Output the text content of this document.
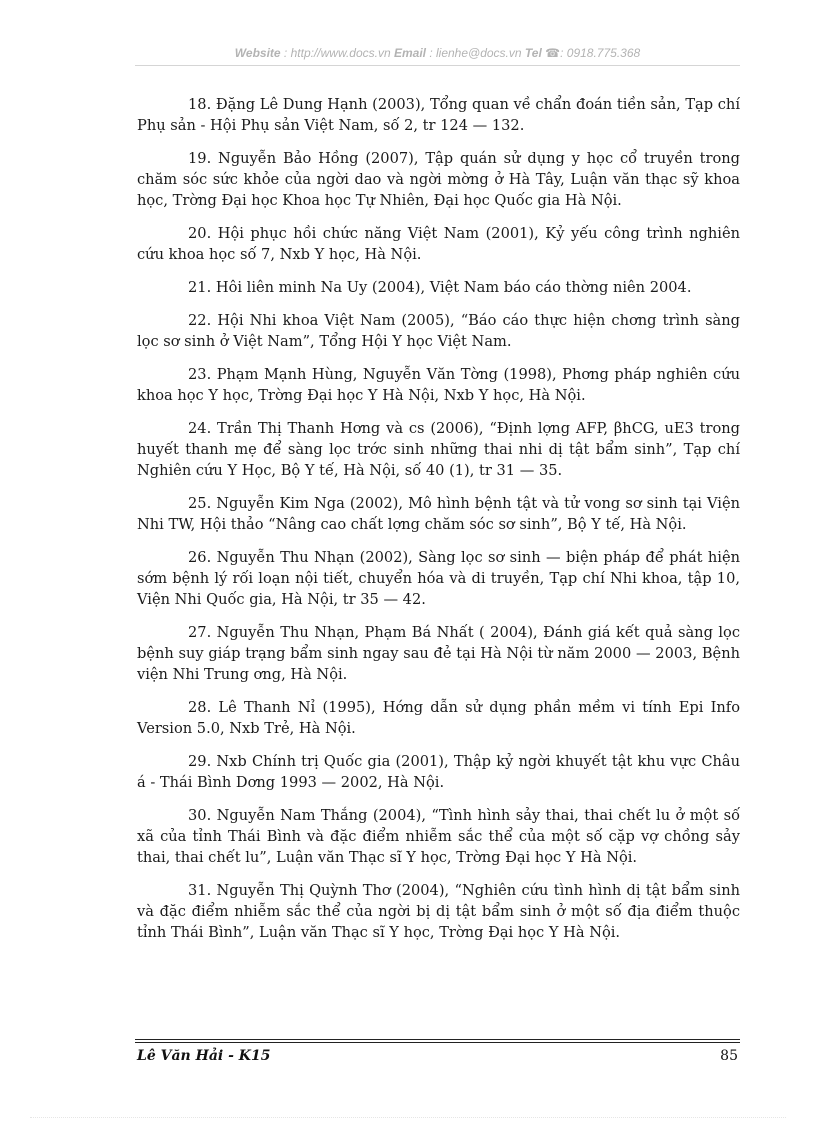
Website : http://www.docs.vn Email : lienhe@docs.vn Tel ☎: 0918.775.368

18. Đặng Lê Dung Hạnh (2003), Tổng quan về chẩn đoán tiền sản, Tạp chí Phụ sản - Hội Phụ sản Việt Nam, số 2, tr 124 — 132.

19. Nguyễn Bảo Hồng (2007), Tập quán sử dụng y học cổ truyền trong chăm sóc sức khỏe của ngời dao và ngời mờng ở Hà Tây, Luận văn thạc sỹ khoa học, Trờng Đại học Khoa học Tự Nhiên, Đại học Quốc gia Hà Nội.

20. Hội phục hồi chức năng Việt Nam (2001), Kỷ yếu công trình nghiên cứu khoa học số 7, Nxb Y học, Hà Nội.

21. Hôi liên minh Na Uy (2004), Việt Nam báo cáo thờng niên 2004.

22. Hội Nhi khoa Việt Nam (2005), “Báo cáo thực hiện chơng trình sàng lọc sơ sinh ở Việt Nam”, Tổng Hội Y học Việt Nam.

23. Phạm Mạnh Hùng, Nguyễn Văn Tờng (1998), Phơng pháp nghiên cứu khoa học Y học, Trờng Đại học Y Hà Nội, Nxb Y học, Hà Nội.

24. Trần Thị Thanh Hơng và cs (2006), “Định lợng AFP, βhCG, uE3 trong huyết thanh mẹ để sàng lọc trớc sinh những thai nhi dị tật bẩm sinh”, Tạp chí Nghiên cứu Y Học, Bộ Y tế, Hà Nội, số 40 (1), tr 31 — 35.

25. Nguyễn Kim Nga (2002), Mô hình bệnh tật và tử vong sơ sinh tại Viện Nhi TW, Hội thảo “Nâng cao chất lợng chăm sóc sơ sinh”, Bộ Y tế, Hà Nội.

26. Nguyễn Thu Nhạn (2002), Sàng lọc sơ sinh — biện pháp để phát hiện sớm bệnh lý rối loạn nội tiết, chuyển hóa và di truyền, Tạp chí Nhi khoa, tập 10, Viện Nhi Quốc gia, Hà Nội, tr 35 — 42.

27. Nguyễn Thu Nhạn, Phạm Bá Nhất ( 2004), Đánh giá kết quả sàng lọc bệnh suy giáp trạng bẩm sinh ngay sau đẻ tại Hà Nội từ năm 2000 — 2003, Bệnh viện Nhi Trung ơng, Hà Nội.

28. Lê Thanh Nỉ (1995), Hớng dẫn sử dụng phần mềm vi tính Epi Info Version 5.0, Nxb Trẻ, Hà Nội.

29. Nxb Chính trị Quốc gia (2001), Thập kỷ ngời khuyết tật khu vực Châu á - Thái Bình Dơng 1993 — 2002, Hà Nội.

30. Nguyễn Nam Thắng (2004), “Tình hình sảy thai, thai chết lu ở một số xã của tỉnh Thái Bình và đặc điểm nhiễm sắc thể của một số cặp vợ chồng sảy thai, thai chết lu”, Luận văn Thạc sĩ Y học, Trờng Đại học Y Hà Nội.

31. Nguyễn Thị Quỳnh Thơ (2004), “Nghiên cứu tình hình dị tật bẩm sinh và đặc điểm nhiễm sắc thể của ngời bị dị tật bẩm sinh ở một số địa điểm thuộc tỉnh Thái Bình”, Luận văn Thạc sĩ Y học, Trờng Đại học Y Hà Nội.

Lê Văn Hải - K15	85
